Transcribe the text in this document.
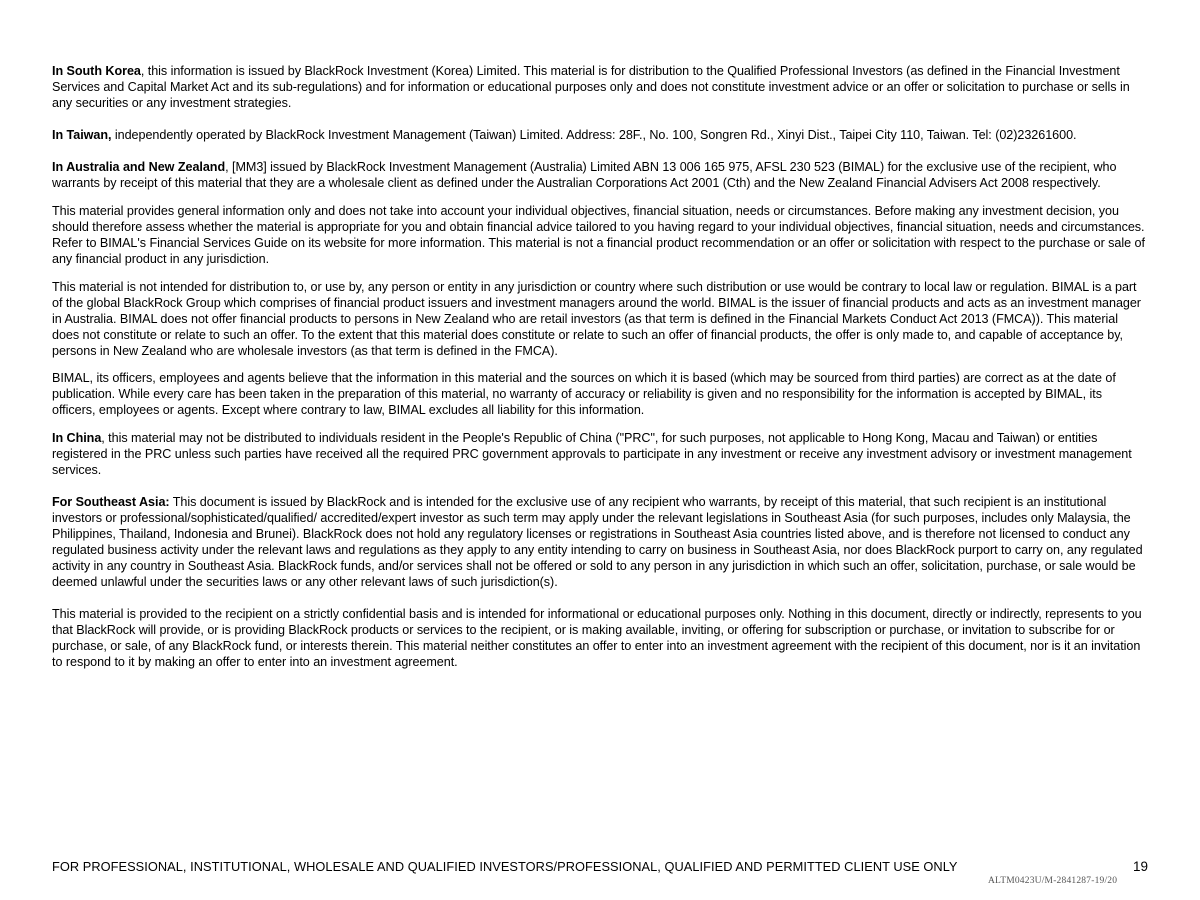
In South Korea, this information is issued by BlackRock Investment (Korea) Limited. This material is for distribution to the Qualified Professional Investors (as defined in the Financial Investment Services and Capital Market Act and its sub-regulations) and for information or educational purposes only and does not constitute investment advice or an offer or solicitation to purchase or sells in any securities or any investment strategies.

In Taiwan, independently operated by BlackRock Investment Management (Taiwan) Limited. Address: 28F., No. 100, Songren Rd., Xinyi Dist., Taipei City 110, Taiwan. Tel: (02)23261600.

In Australia and New Zealand, [MM3] issued by BlackRock Investment Management (Australia) Limited ABN 13 006 165 975, AFSL 230 523 (BIMAL) for the exclusive use of the recipient, who warrants by receipt of this material that they are a wholesale client as defined under the Australian Corporations Act 2001 (Cth) and the New Zealand Financial Advisers Act 2008 respectively.

This material provides general information only and does not take into account your individual objectives, financial situation, needs or circumstances. Before making any investment decision, you should therefore assess whether the material is appropriate for you and obtain financial advice tailored to you having regard to your individual objectives, financial situation, needs and circumstances. Refer to BIMAL's Financial Services Guide on its website for more information. This material is not a financial product recommendation or an offer or solicitation with respect to the purchase or sale of any financial product in any jurisdiction.

This material is not intended for distribution to, or use by, any person or entity in any jurisdiction or country where such distribution or use would be contrary to local law or regulation. BIMAL is a part of the global BlackRock Group which comprises of financial product issuers and investment managers around the world. BIMAL is the issuer of financial products and acts as an investment manager in Australia. BIMAL does not offer financial products to persons in New Zealand who are retail investors (as that term is defined in the Financial Markets Conduct Act 2013 (FMCA)). This material does not constitute or relate to such an offer. To the extent that this material does constitute or relate to such an offer of financial products, the offer is only made to, and capable of acceptance by, persons in New Zealand who are wholesale investors (as that term is defined in the FMCA).

BIMAL, its officers, employees and agents believe that the information in this material and the sources on which it is based (which may be sourced from third parties) are correct as at the date of publication. While every care has been taken in the preparation of this material, no warranty of accuracy or reliability is given and no responsibility for the information is accepted by BIMAL, its officers, employees or agents. Except where contrary to law, BIMAL excludes all liability for this information.

In China, this material may not be distributed to individuals resident in the People's Republic of China ("PRC", for such purposes, not applicable to Hong Kong, Macau and Taiwan) or entities registered in the PRC unless such parties have received all the required PRC government approvals to participate in any investment or receive any investment advisory or investment management services.

For Southeast Asia: This document is issued by BlackRock and is intended for the exclusive use of any recipient who warrants, by receipt of this material, that such recipient is an institutional investors or professional/sophisticated/qualified/ accredited/expert investor as such term may apply under the relevant legislations in Southeast Asia (for such purposes, includes only Malaysia, the Philippines, Thailand, Indonesia and Brunei). BlackRock does not hold any regulatory licenses or registrations in Southeast Asia countries listed above, and is therefore not licensed to conduct any regulated business activity under the relevant laws and regulations as they apply to any entity intending to carry on business in Southeast Asia, nor does BlackRock purport to carry on, any regulated activity in any country in Southeast Asia. BlackRock funds, and/or services shall not be offered or sold to any person in any jurisdiction in which such an offer, solicitation, purchase, or sale would be deemed unlawful under the securities laws or any other relevant laws of such jurisdiction(s).

This material is provided to the recipient on a strictly confidential basis and is intended for informational or educational purposes only. Nothing in this document, directly or indirectly, represents to you that BlackRock will provide, or is providing BlackRock products or services to the recipient, or is making available, inviting, or offering for subscription or purchase, or invitation to subscribe for or purchase, or sale, of any BlackRock fund, or interests therein. This material neither constitutes an offer to enter into an investment agreement with the recipient of this document, nor is it an invitation to respond to it by making an offer to enter into an investment agreement.

FOR PROFESSIONAL, INSTITUTIONAL, WHOLESALE AND QUALIFIED INVESTORS/PROFESSIONAL, QUALIFIED AND PERMITTED CLIENT USE ONLY	19
ALTM0423U/M-2841287-19/20
